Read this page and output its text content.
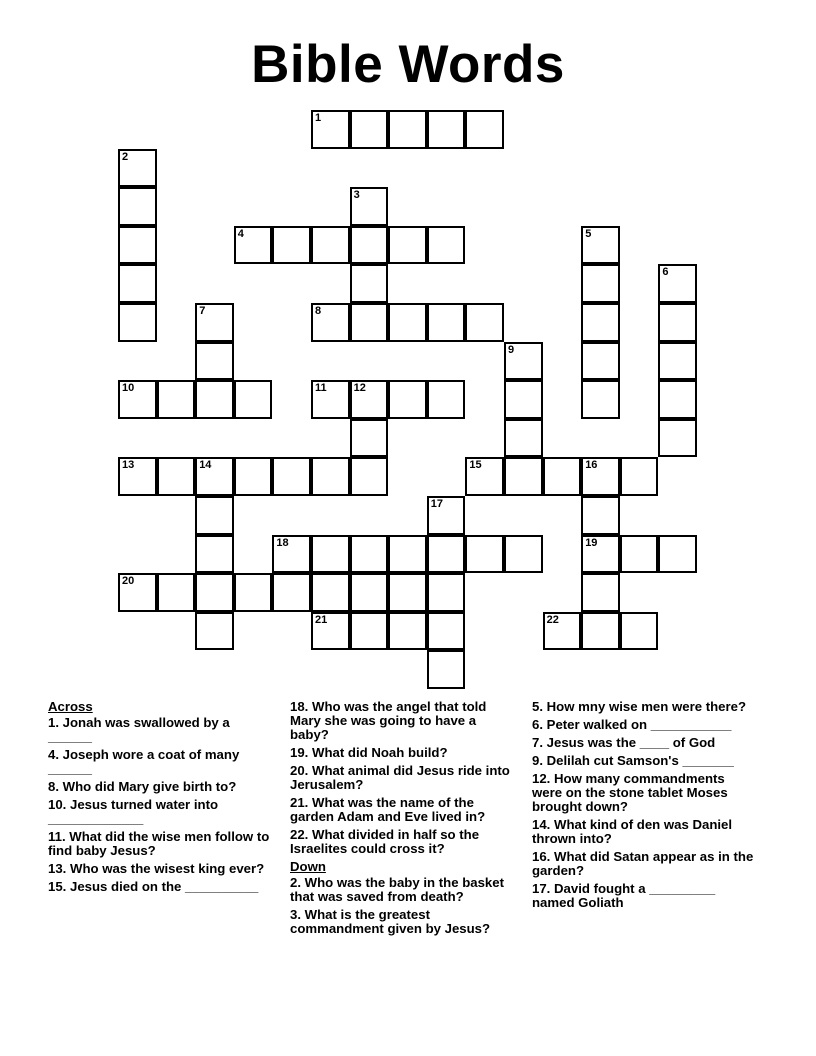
Bible Words
1
2
3
4	5
6
7	8
9
10	11 12
13	14	15	16
17
18	19
20
21	22
Across
1. Jonah was swallowed by a ______
4. Joseph wore a coat of many ______
8. Who did Mary give birth to?
10. Jesus turned water into _____________
11. What did the wise men follow to find baby Jesus?
13. Who was the wisest king ever?
15. Jesus died on the __________
18. Who was the angel that told Mary she was going to have a baby?
19. What did Noah build?
20. What animal did Jesus ride into Jerusalem?
21. What was the name of the garden Adam and Eve lived in?
22. What divided in half so the Israelites could cross it?
Down
2. Who was the baby in the basket that was saved from death?
3. What is the greatest commandment given by Jesus?
5. How mny wise men were there?
6. Peter walked on ___________
7. Jesus was the ____ of God
9. Delilah cut Samson's _______
12. How many commandments were on the stone tablet Moses brought down?
14. What kind of den was Daniel thrown into?
16. What did Satan appear as in the garden?
17. David fought a _________ named Goliath
